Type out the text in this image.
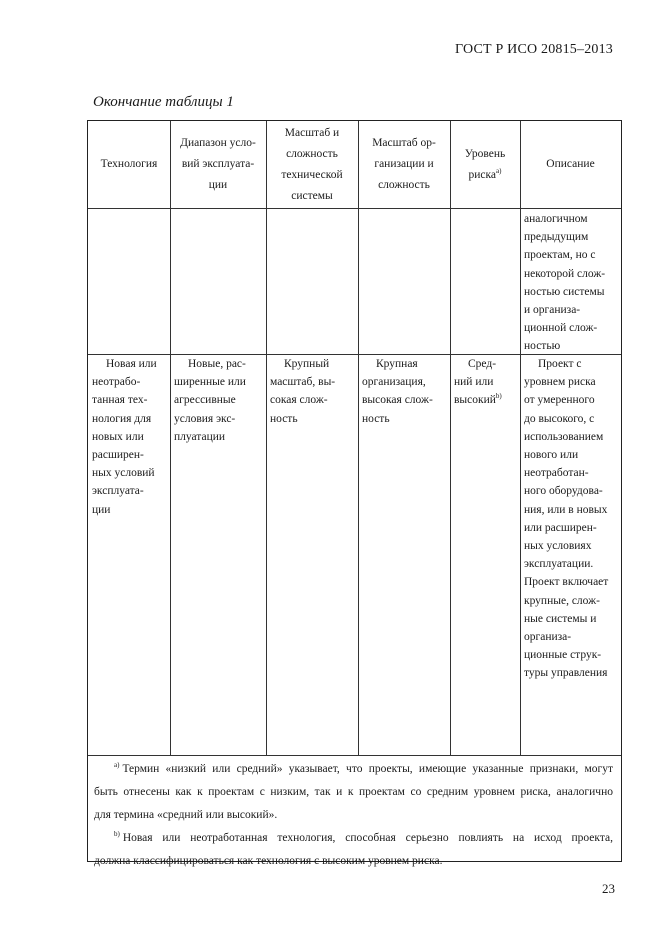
ГОСТ Р ИСО 20815–2013
Окончание таблицы 1
Технология
Диапазон усло-
вий эксплуата-
ции
Масштаб и
сложность
технической
системы
Масштаб ор-
ганизации и
сложность
Уровень
риска$^{а)}$
Описание
аналогичном
предыдущим
проектам, но с
некоторой слож-
ностью системы
и организа-
ционной слож-
ностью
Новая или
неотрабо-
танная тех-
нология для
новых или
расширен-
ных условий
эксплуата-
ции
Новые, рас-
ширенные или
агрессивные
условия экс-
плуатации
Крупный
масштаб, вы-
сокая слож-
ность
Крупная
организация,
высокая слож-
ность
Сред-
ний или
высокий$^{b)}$
Проект с
уровнем риска
от умеренного
до высокого, с
использованием
нового или
неотработан-
ного оборудова-
ния, или в новых
или расширен-
ных условиях
эксплуатации.
Проект включает
крупные, слож-
ные системы и
организа-
ционные струк-
туры управления

$^{а)}$ Термин «низкий или средний» указывает, что проекты, имеющие указанные признаки, могут
быть отнесены как к проектам с низким, так и к проектам со средним уровнем риска, аналогично
для термина «средний или высокий».

$^{b)}$ Новая или неотработанная технология, способная серьезно повлиять на исход проекта,
должна классифицироваться как технология с высоким уровнем риска.

23
